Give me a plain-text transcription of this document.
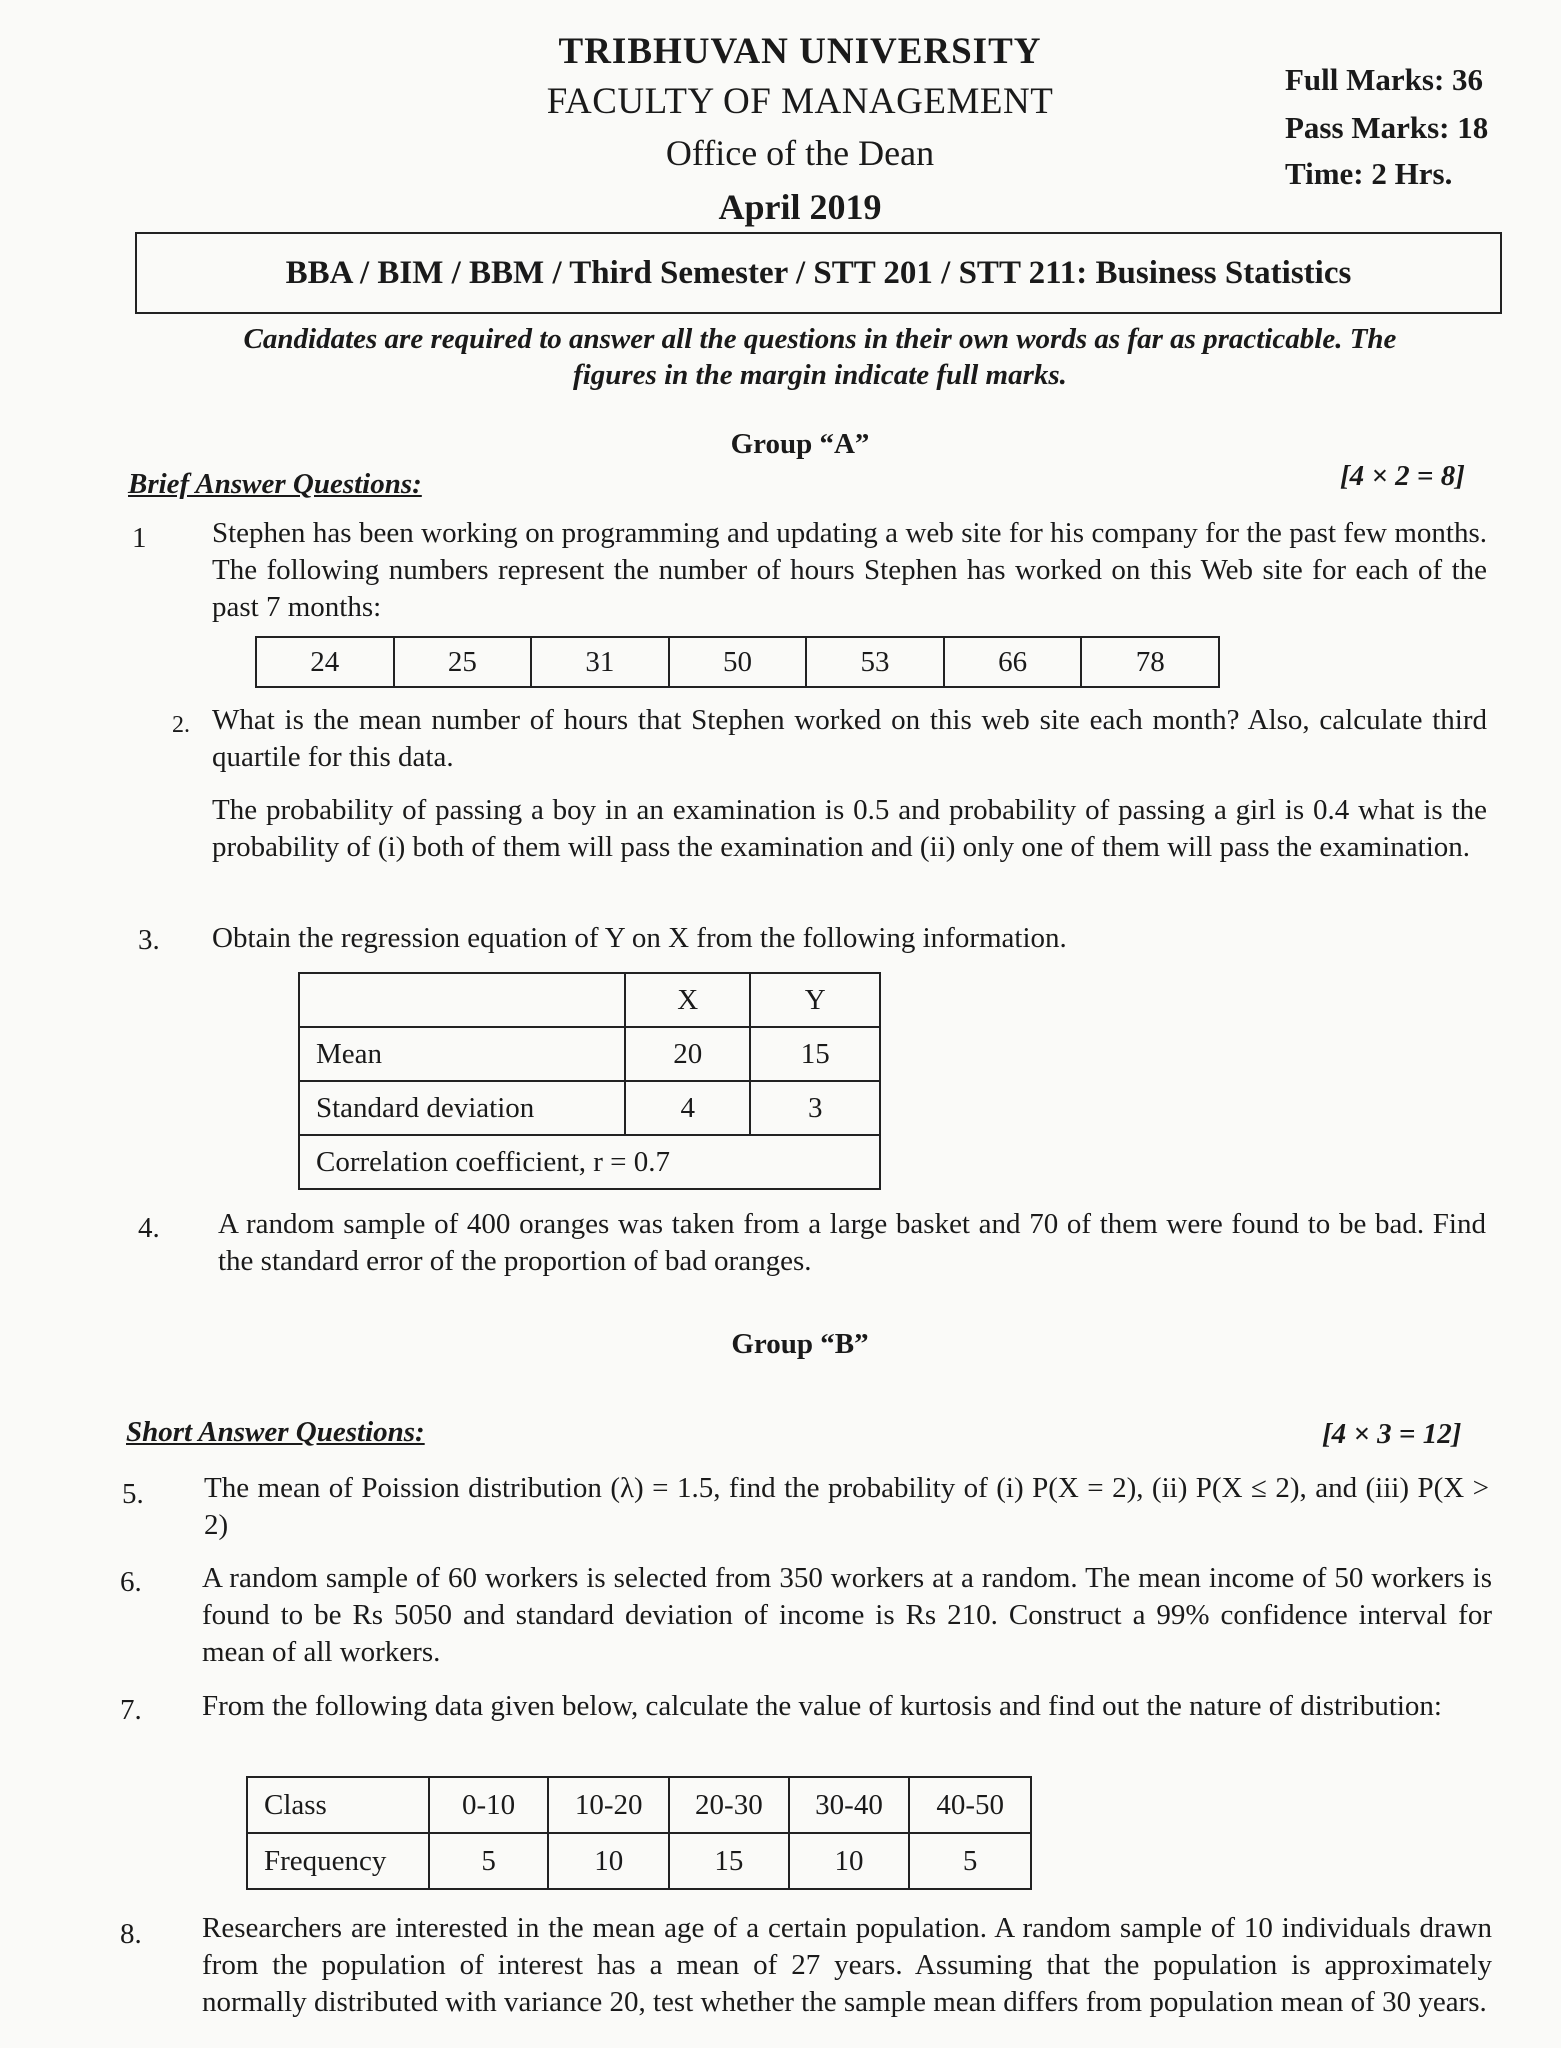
TRIBHUVAN UNIVERSITY
FACULTY OF MANAGEMENT
Office of the Dean
April 2019
Full Marks: 36
Pass Marks: 18
Time: 2 Hrs.
BBA / BIM / BBM / Third Semester / STT 201 / STT 211: Business Statistics
Candidates are required to answer all the questions in their own words as far as practicable. The
figures in the margin indicate full marks.
Group “A”
Brief Answer Questions:	[4 × 2 = 8]
1 Stephen has been working on programming and updating a web site for his company for the past few months. The following numbers represent the number of hours Stephen has worked on this Web site for each of the past 7 months:
24	25	31	50	53	66	78
2. What is the mean number of hours that Stephen worked on this web site each month? Also, calculate third quartile for this data.
The probability of passing a boy in an examination is 0.5 and probability of passing a girl is 0.4 what is the probability of (i) both of them will pass the examination and (ii) only one of them will pass the examination.
3. Obtain the regression equation of Y on X from the following information.
	X	Y
Mean	20	15
Standard deviation	4	3
Correlation coefficient, r = 0.7		
4. A random sample of 400 oranges was taken from a large basket and 70 of them were found to be bad. Find the standard error of the proportion of bad oranges.
Group “B”
Short Answer Questions:	[4 × 3 = 12]
5. The mean of Poission distribution (λ) = 1.5, find the probability of (i) P(X = 2), (ii) P(X ≤ 2), and (iii) P(X > 2)
6. A random sample of 60 workers is selected from 350 workers at a random. The mean income of 50 workers is found to be Rs 5050 and standard deviation of income is Rs 210. Construct a 99% confidence interval for mean of all workers.
7. From the following data given below, calculate the value of kurtosis and find out the nature of distribution:
Class	0-10	10-20	20-30	30-40	40-50
Frequency	5	10	15	10	5
8. Researchers are interested in the mean age of a certain population. A random sample of 10 individuals drawn from the population of interest has a mean of 27 years. Assuming that the population is approximately normally distributed with variance 20, test whether the sample mean differs from population mean of 30 years.
